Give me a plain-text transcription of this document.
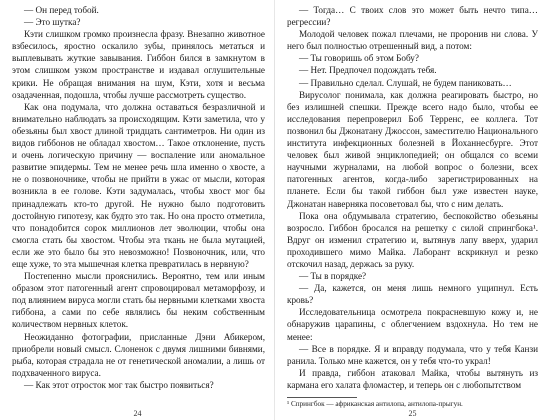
— Он перед тобой.

— Это шутка?

Кэти слишком громко произнесла фразу. Внезапно животное взбесилось, яростно оскалило зубы, принялось метаться и выплевывать жуткие завывания. Гиббон бился в замкнутом в этом слишком узком пространстве и издавал оглушительные крики. Не обращая внимания на шум, Кэти, хотя и весьма озадаченная, подошла, чтобы лучше рассмотреть существо.

Как она подумала, что должна оставаться безразличной и внимательно наблюдать за происходящим. Кэти заметила, что у обезьяны был хвост длиной тридцать сантиметров. Ни один из видов гиббонов не обладал хвостом… Такое отклонение, пусть и очень логическую причину — воспаление или аномальное развитие эпидермы. Тем не менее речь шла именно о хвосте, а не о позвоночнике, чтобы не прийти в ужас от мысли, которая возникла в ее голове. Кэти задумалась, чтобы хвост мог бы принадлежать кто-то другой. Не нужно было подготовить достойную гипотезу, как будто это так. Но она просто отметила, что понадобится сорок миллионов лет эволюции, чтобы она смогла стать бы хвостом. Чтобы эта ткань не была мутацией, если же это было бы это невозможно! Позвоночник, или, что еще хуже, то эта мышечная клетка превратилась в нервную?

Постепенно мысли прояснились. Вероятно, тем или иным образом этот патогенный агент спровоцировал метаморфозу, и под влиянием вируса могли стать бы нервными клетками хвоста гиббона, а сами по себе являлись бы неким собственным количеством нервных клеток.

Неожиданно фотографии, присланные Дэни Абикером, приобрели новый смысл. Слоненок с двумя лишними бивнями, рыба, которая страдала не от генетической аномалии, а лишь от подхваченного вируса.

— Как этот отросток мог так быстро появиться?

24

— Тогда… С твоих слов это может быть нечто типа… регрессии?

Молодой человек пожал плечами, не проронив ни слова. У него был полностью отрешенный вид, а потом:

— Ты говоришь об этом Бобу?

— Нет. Предпочел подождать тебя.

— Правильно сделал. Слушай, не будем паниковать…

Вирусолог понимала, как должна реагировать быстро, но без излишней спешки. Прежде всего надо было, чтобы ее исследования перепроверил Боб Терренс, ее коллега. Тот позвонил бы Джонатану Джоссон, заместителю Национального института инфекционных болезней в Йоханнесбурге. Этот человек был живой энциклопедией; он общался со всеми научными журналами, на любой вопрос о болезни, всех патогенных агентов, когда-либо зарегистрированных на планете. Если бы такой гиббон был уже известен науке, Джонатан наверняка посоветовал бы, что с ним делать.

Пока она обдумывала стратегию, беспокойство обезьяны возросло. Гиббон бросался на решетку с силой спрингбока¹. Вдруг он изменил стратегию и, вытянув лапу вверх, ударил проходившего мимо Майка. Лаборант вскрикнул и резко отскочил назад, держась за руку.

— Ты в порядке?

— Да, кажется, он меня лишь немного ущипнул. Есть кровь?

Исследовательница осмотрела покрасневшую кожу и, не обнаружив царапины, с облегчением вздохнула. Но тем не менее:

— Все в порядке. Я и вправду подумала, что у тебя Канзи ранила. Только мне кажется, он у тебя что-то украл!

И правда, гиббон атаковал Майка, чтобы вытянуть из кармана его халата фломастер, и теперь он с любопытством

¹ Спрингбок — африканская антилопа, антилопа-прыгун.
25
